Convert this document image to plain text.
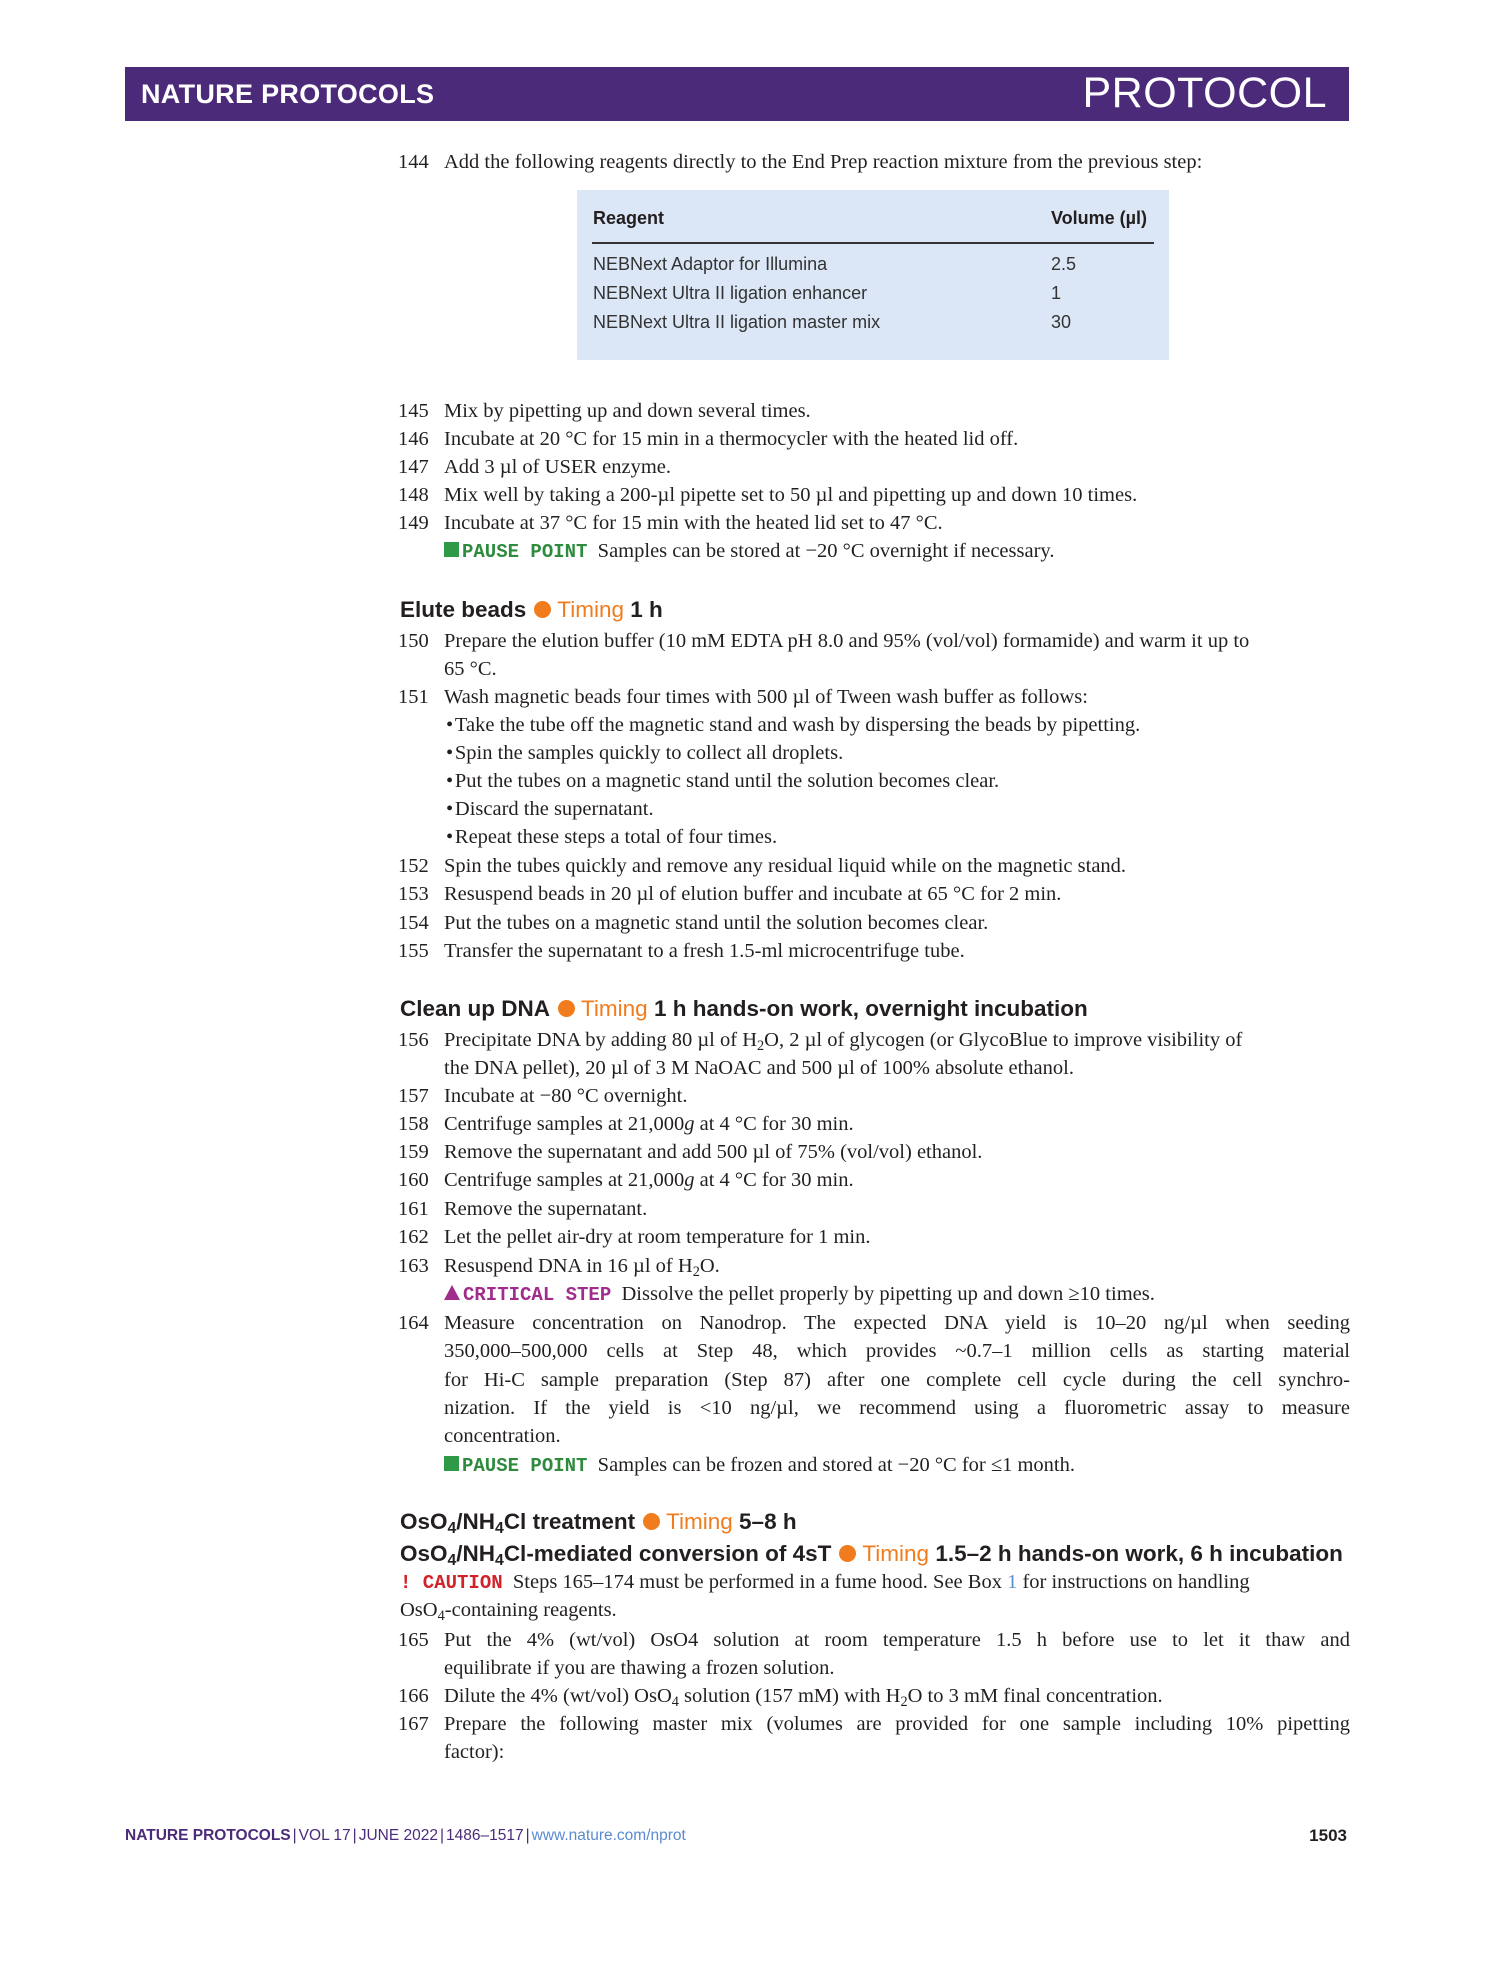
NATURE PROTOCOLS	PROTOCOL
144 Add the following reagents directly to the End Prep reaction mixture from the previous step:
Reagent	Volume (µl)
NEBNext Adaptor for Illumina	2.5
NEBNext Ultra II ligation enhancer	1
NEBNext Ultra II ligation master mix	30
145 Mix by pipetting up and down several times.
146 Incubate at 20 °C for 15 min in a thermocycler with the heated lid off.
147 Add 3 µl of USER enzyme.
148 Mix well by taking a 200-µl pipette set to 50 µl and pipetting up and down 10 times.
149 Incubate at 37 °C for 15 min with the heated lid set to 47 °C.
PAUSE POINT Samples can be stored at −20 °C overnight if necessary.
Elute beads Timing 1 h
150 Prepare the elution buffer (10 mM EDTA pH 8.0 and 95% (vol/vol) formamide) and warm it up to
65 °C.
151 Wash magnetic beads four times with 500 µl of Tween wash buffer as follows:
• Take the tube off the magnetic stand and wash by dispersing the beads by pipetting.
• Spin the samples quickly to collect all droplets.
• Put the tubes on a magnetic stand until the solution becomes clear.
• Discard the supernatant.
• Repeat these steps a total of four times.
152 Spin the tubes quickly and remove any residual liquid while on the magnetic stand.
153 Resuspend beads in 20 µl of elution buffer and incubate at 65 °C for 2 min.
154 Put the tubes on a magnetic stand until the solution becomes clear.
155 Transfer the supernatant to a fresh 1.5-ml microcentrifuge tube.
Clean up DNA Timing 1 h hands-on work, overnight incubation
156 Precipitate DNA by adding 80 µl of $H_2O$, 2 µl of glycogen (or GlycoBlue to improve visibility of
the DNA pellet), 20 µl of 3 M NaOAC and 500 µl of 100% absolute ethanol.
157 Incubate at −80 °C overnight.
158 Centrifuge samples at 21,000g at 4 °C for 30 min.
159 Remove the supernatant and add 500 µl of 75% (vol/vol) ethanol.
160 Centrifuge samples at 21,000g at 4 °C for 30 min.
161 Remove the supernatant.
162 Let the pellet air-dry at room temperature for 1 min.
163 Resuspend DNA in 16 µl of $H_2O$.
CRITICAL STEP Dissolve the pellet properly by pipetting up and down ≥10 times.
164 Measure concentration on Nanodrop. The expected DNA yield is 10–20 ng/µl when seeding
350,000–500,000 cells at Step 48, which provides ~0.7–1 million cells as starting material
for Hi-C sample preparation (Step 87) after one complete cell cycle during the cell synchro-
nization. If the yield is <10 ng/µl, we recommend using a fluorometric assay to measure
concentration.
PAUSE POINT Samples can be frozen and stored at −20 °C for ≤1 month.
$OsO_4/NH_4Cl$ treatment Timing 5–8 h
$OsO_4/NH_4Cl$-mediated conversion of 4sT Timing 1.5–2 h hands-on work, 6 h incubation
! CAUTION Steps 165–174 must be performed in a fume hood. See Box 1 for instructions on handling
OsO$_4$-containing reagents.
165 Put the 4% (wt/vol) OsO4 solution at room temperature 1.5 h before use to let it thaw and
equilibrate if you are thawing a frozen solution.
166 Dilute the 4% (wt/vol) OsO$_4$ solution (157 mM) with $H_2O$ to 3 mM final concentration.
167 Prepare the following master mix (volumes are provided for one sample including 10% pipetting
factor):
NATURE PROTOCOLS | VOL 17 | JUNE 2022 | 1486–1517 | www.nature.com/nprot	1503
